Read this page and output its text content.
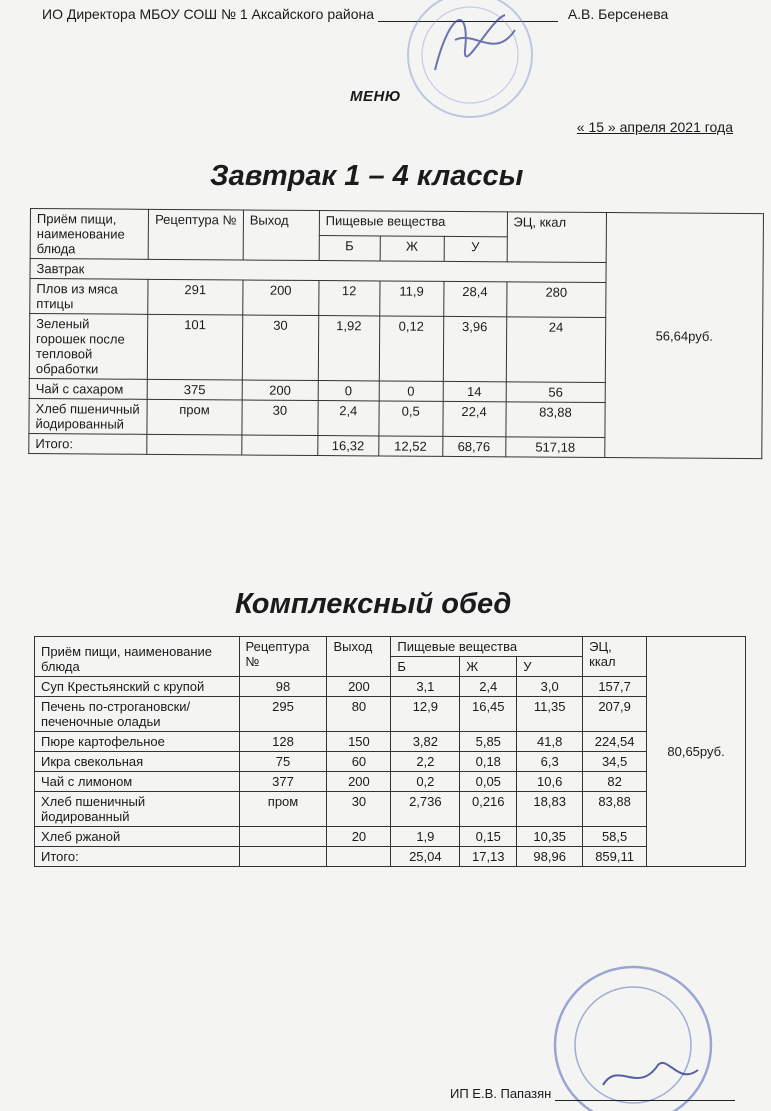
ИО Директора МБОУ СОШ № 1 Аксайского района	А.В. Берсенева
МЕНЮ
« 15 » апреля 2021 года
Завтрак 1 – 4 классы
Приём пищи, наименование блюда	Рецептура №	Выход	Пищевые вещества			ЭЦ, ккал	56,64руб.
			Б	Ж	У		
Завтрак							
Плов из мяса птицы	291	200	12	11,9	28,4	280	
Зеленый горошек после тепловой обработки	101	30	1,92	0,12	3,96	24	
Чай с сахаром	375	200	0	0	14	56	
Хлеб пшеничный йодированный	пром	30	2,4	0,5	22,4	83,88	
Итого:			16,32	12,52	68,76	517,18	
Комплексный обед
Приём пищи, наименование блюда	Рецептура №	Выход	Пищевые вещества			ЭЦ, ккал	80,65руб.
			Б	Ж	У		
Суп Крестьянский с крупой	98	200	3,1	2,4	3,0	157,7	
Печень по-строгановски/печеночные оладьи	295	80	12,9	16,45	11,35	207,9	
Пюре картофельное	128	150	3,82	5,85	41,8	224,54	
Икра свекольная	75	60	2,2	0,18	6,3	34,5	
Чай с лимоном	377	200	0,2	0,05	10,6	82	
Хлеб пшеничный йодированный	пром	30	2,736	0,216	18,83	83,88	
Хлеб ржаной		20	1,9	0,15	10,35	58,5	
Итого:			25,04	17,13	98,96	859,11	
ИП Е.В. Папазян
